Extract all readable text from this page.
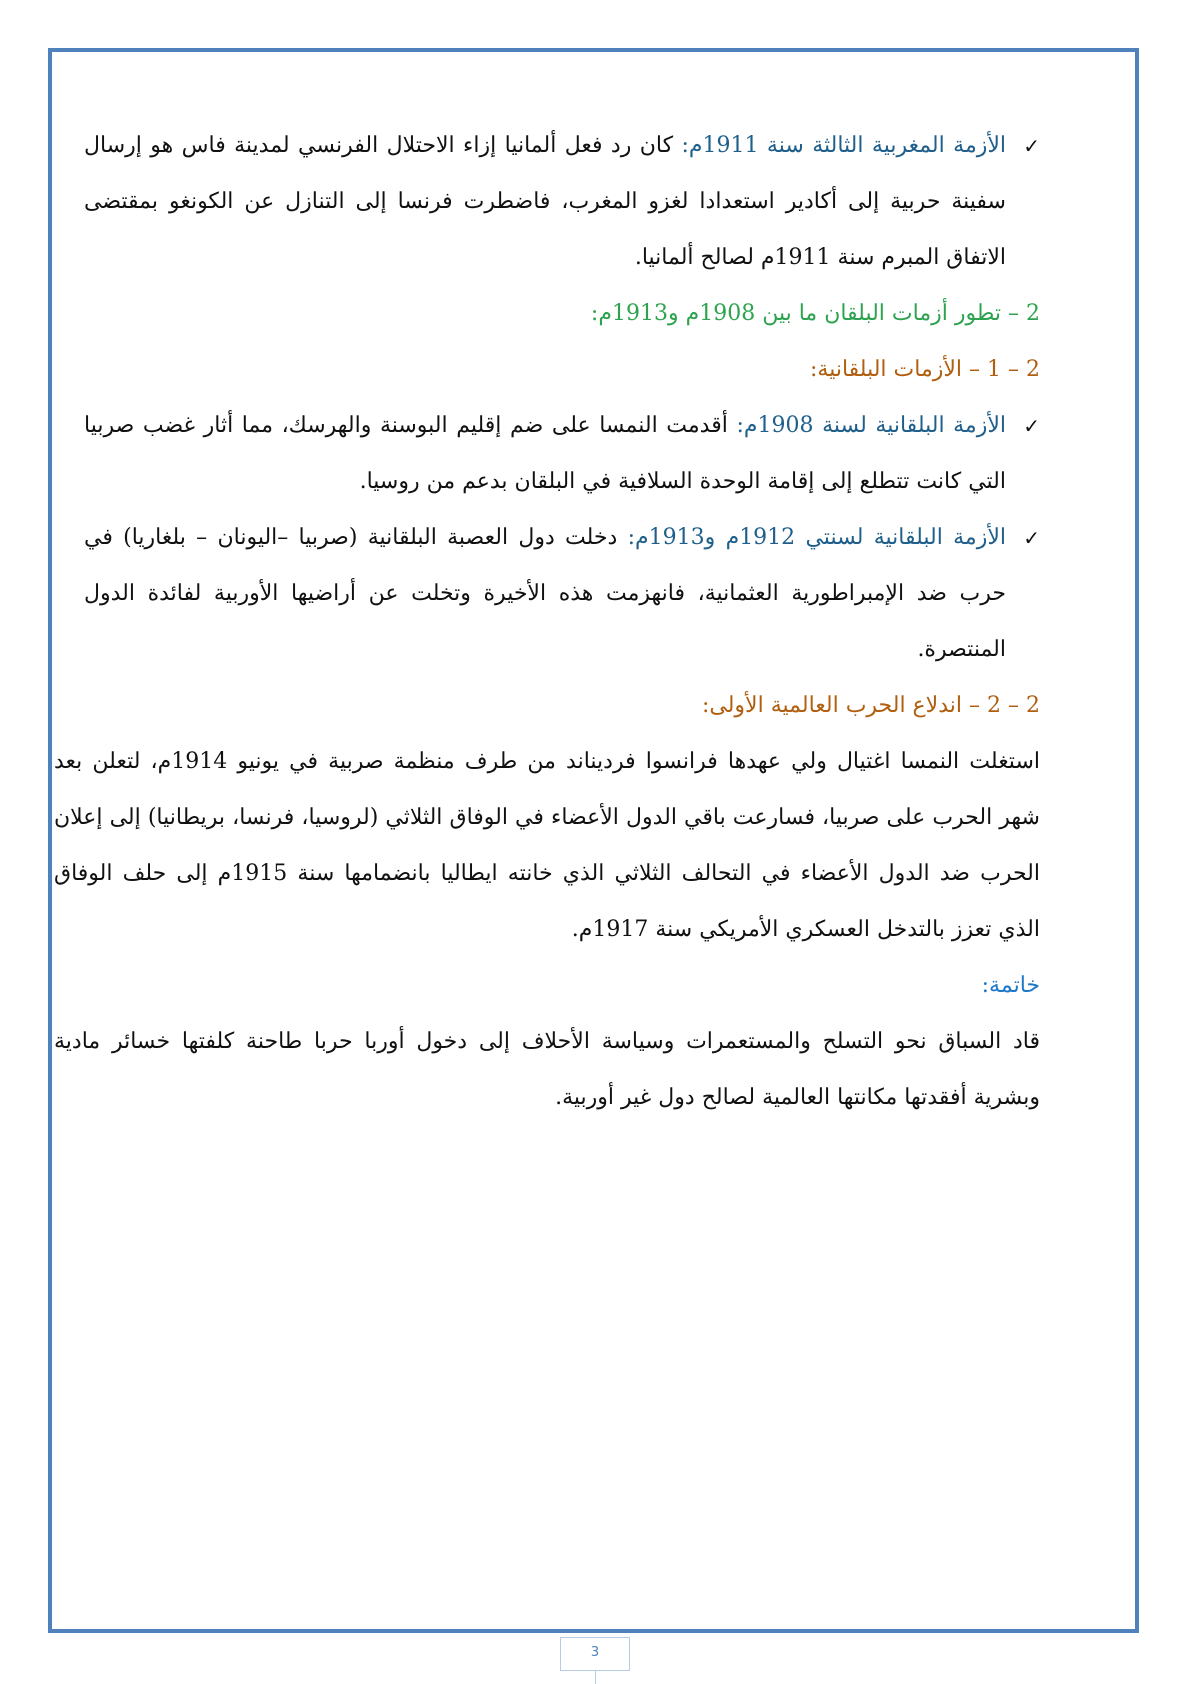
✓
الأزمة المغربية الثالثة سنة 1911م: كان رد فعل ألمانيا إزاء الاحتلال الفرنسي لمدينة فاس هو إرسال سفينة حربية إلى أكادير استعدادا لغزو المغرب، فاضطرت فرنسا إلى التنازل عن الكونغو بمقتضى الاتفاق المبرم سنة 1911م لصالح ألمانيا.

2 – تطور أزمات البلقان ما بين 1908م و1913م:

2 – 1 – الأزمات البلقانية:

✓
الأزمة البلقانية لسنة 1908م: أقدمت النمسا على ضم إقليم البوسنة والهرسك، مما أثار غضب صربيا التي كانت تتطلع إلى إقامة الوحدة السلافية في البلقان بدعم من روسيا.

✓
الأزمة البلقانية لسنتي 1912م و1913م: دخلت دول العصبة البلقانية (صربيا –اليونان – بلغاريا) في حرب ضد الإمبراطورية العثمانية، فانهزمت هذه الأخيرة وتخلت عن أراضيها الأوربية لفائدة الدول المنتصرة.

2 – 2 – اندلاع الحرب العالمية الأولى:

استغلت النمسا اغتيال ولي عهدها فرانسوا فرديناند من طرف منظمة صربية في يونيو 1914م، لتعلن بعد شهر الحرب على صربيا، فسارعت باقي الدول الأعضاء في الوفاق الثلاثي (لروسيا، فرنسا، بريطانيا) إلى إعلان الحرب ضد الدول الأعضاء في التحالف الثلاثي الذي خانته ايطاليا بانضمامها سنة 1915م إلى حلف الوفاق الذي تعزز بالتدخل العسكري الأمريكي سنة 1917م.

خاتمة:

قاد السباق نحو التسلح والمستعمرات وسياسة الأحلاف إلى دخول أوربا حربا طاحنة كلفتها خسائر مادية وبشرية أفقدتها مكانتها العالمية لصالح دول غير أوربية.

3
